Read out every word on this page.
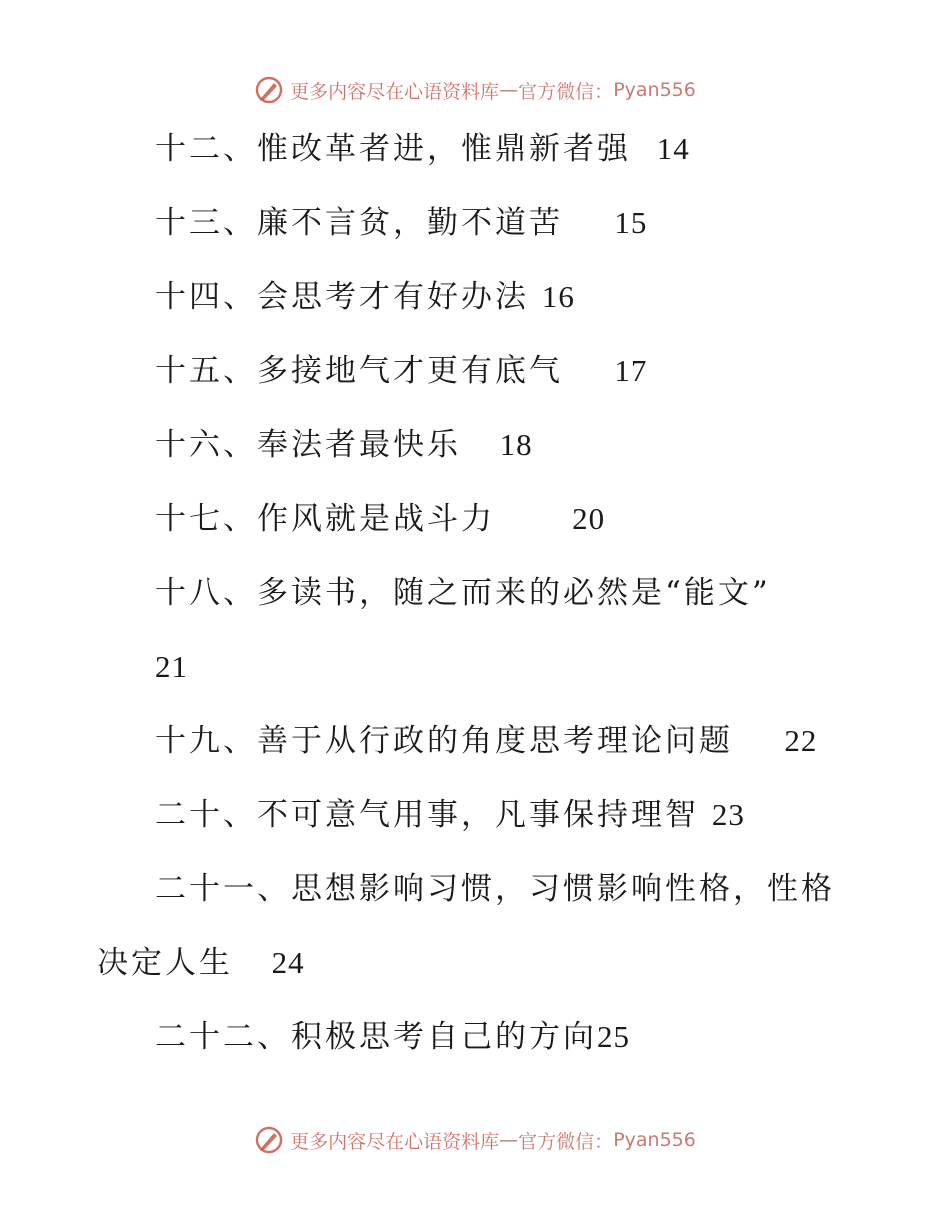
更多内容尽在心语资料库 — 官方微信： Pyan556
十二、惟改革者进，惟鼎新者强 14
十三、廉不言贫，勤不道苦 15
十四、会思考才有好办法 16
十五、多接地气才更有底气 17
十六、奉法者最快乐 18
十七、作风就是战斗力 20
十八、多读书，随之而来的必然是“能文”
21
十九、善于从行政的角度思考理论问题 22
二十、不可意气用事，凡事保持理智 23
二十一、思想影响习惯，习惯影响性格，性格决定人生 24
二十二、积极思考自己的方向25
更多内容尽在心语资料库 — 官方微信： Pyan556
